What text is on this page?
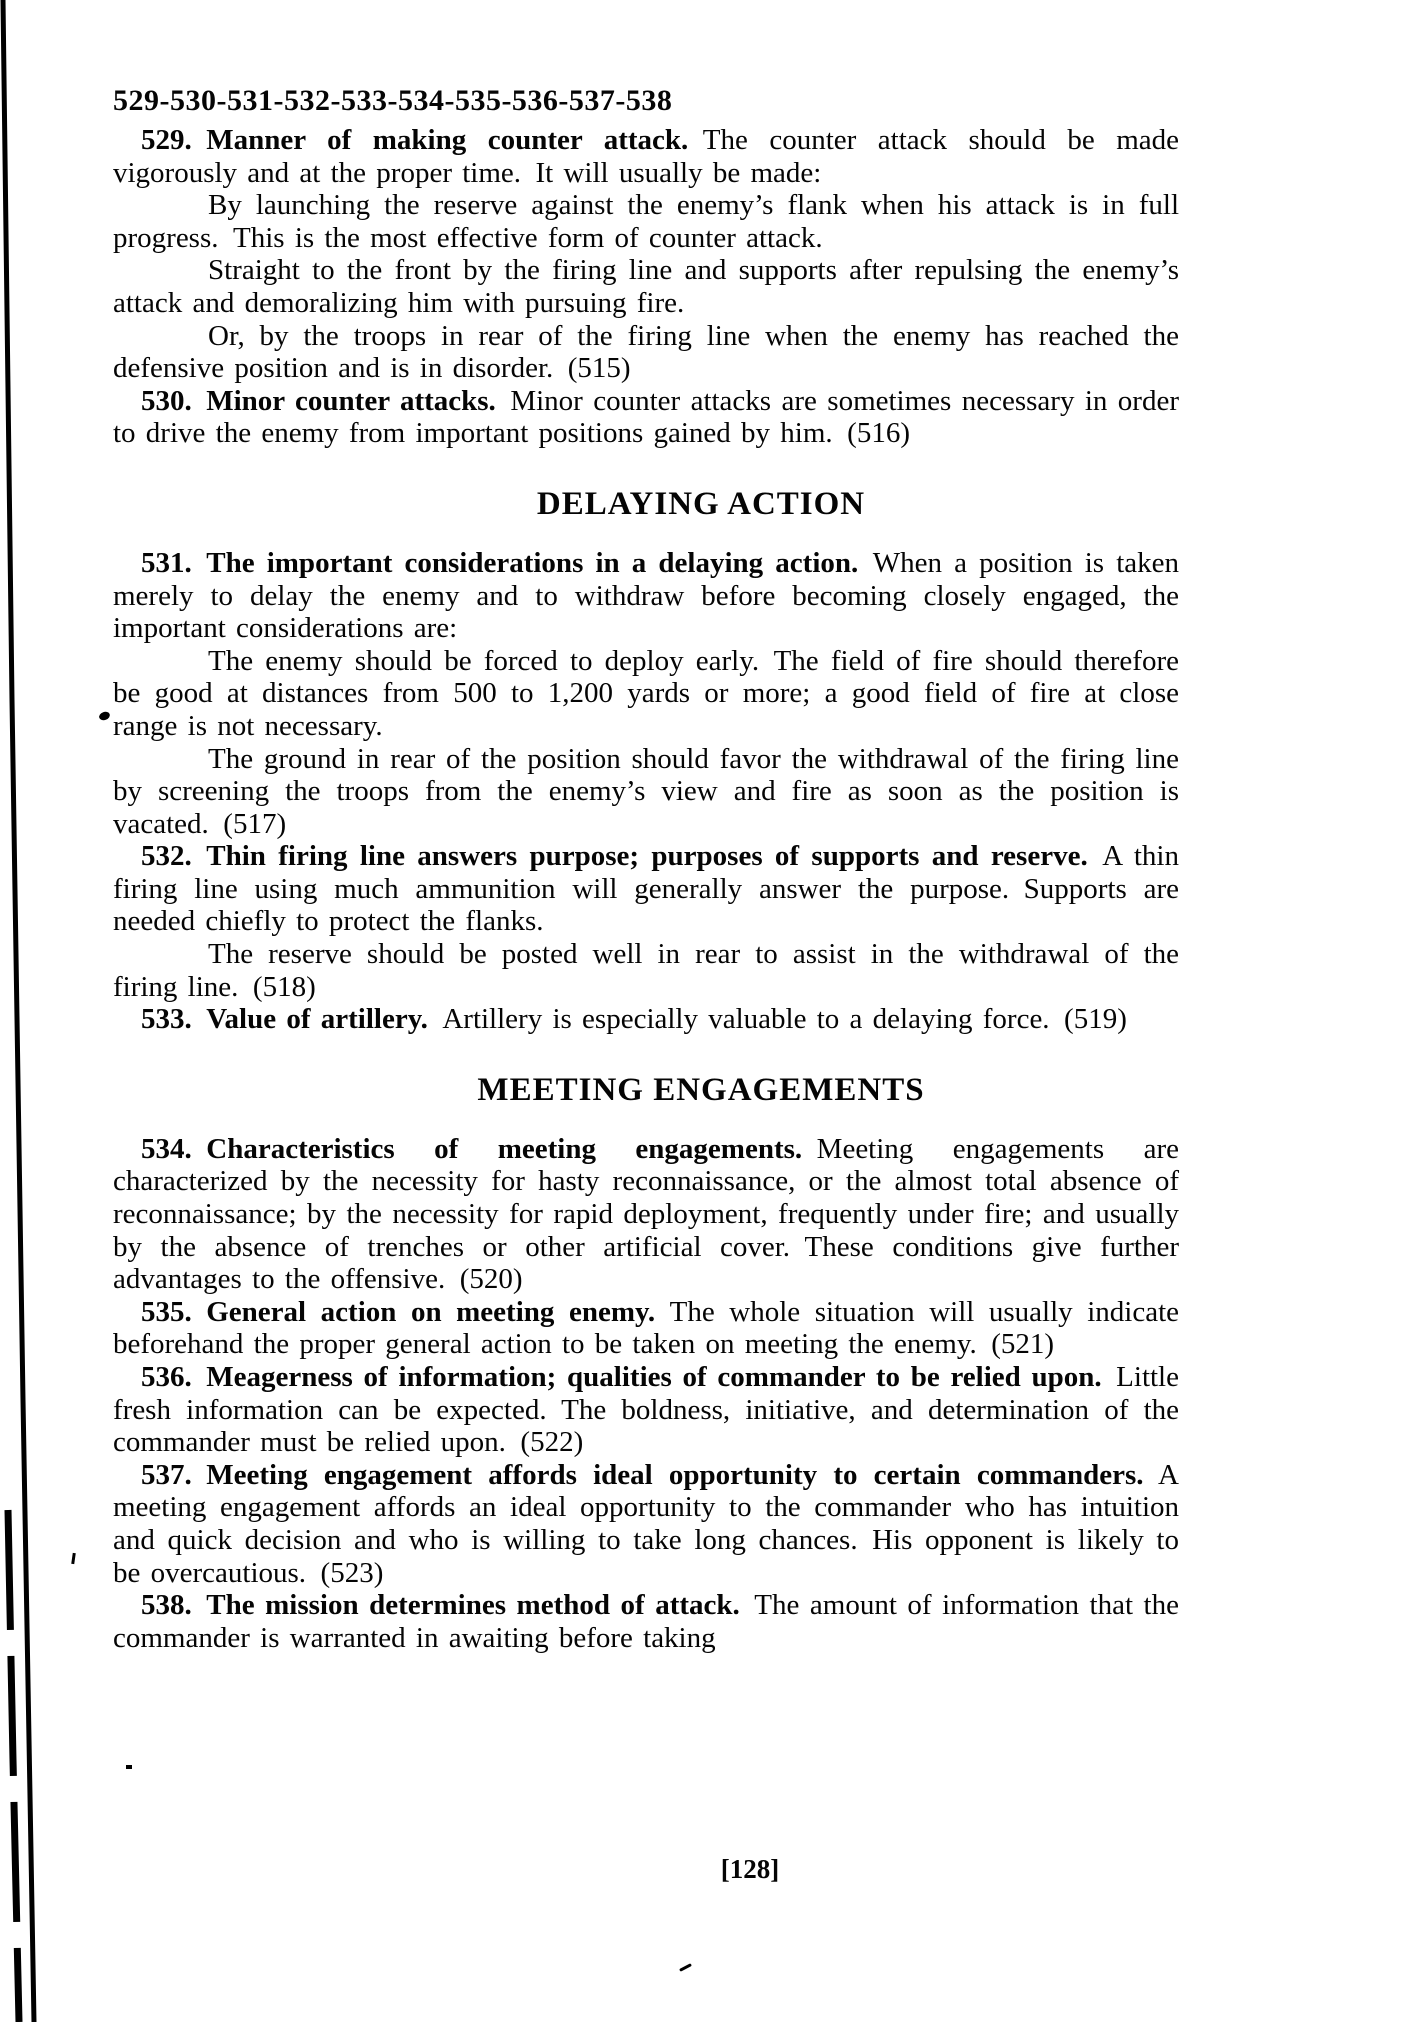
529-530-531-532-533-534-535-536-537-538

529. Manner of making counter attack. The counter attack should be made vigorously and at the proper time. It will usually be made:

By launching the reserve against the enemy’s flank when his attack is in full progress. This is the most effective form of counter attack.

Straight to the front by the firing line and supports after repulsing the enemy’s attack and demoralizing him with pursuing fire.

Or, by the troops in rear of the firing line when the enemy has reached the defensive position and is in disorder. (515)

530. Minor counter attacks. Minor counter attacks are sometimes necessary in order to drive the enemy from important positions gained by him. (516)

DELAYING ACTION

531. The important considerations in a delaying action. When a position is taken merely to delay the enemy and to withdraw before becoming closely engaged, the important considerations are:

The enemy should be forced to deploy early. The field of fire should therefore be good at distances from 500 to 1,200 yards or more; a good field of fire at close range is not necessary.

The ground in rear of the position should favor the withdrawal of the firing line by screening the troops from the enemy’s view and fire as soon as the position is vacated. (517)

532. Thin firing line answers purpose; purposes of supports and reserve. A thin firing line using much ammunition will generally answer the purpose. Supports are needed chiefly to protect the flanks.

The reserve should be posted well in rear to assist in the withdrawal of the firing line. (518)

533. Value of artillery. Artillery is especially valuable to a delaying force. (519)

MEETING ENGAGEMENTS

534. Characteristics of meeting engagements. Meeting engagements are characterized by the necessity for hasty reconnaissance, or the almost total absence of reconnaissance; by the necessity for rapid deployment, frequently under fire; and usually by the absence of trenches or other artificial cover. These conditions give further advantages to the offensive. (520)

535. General action on meeting enemy. The whole situation will usually indicate beforehand the proper general action to be taken on meeting the enemy. (521)

536. Meagerness of information; qualities of commander to be relied upon. Little fresh information can be expected. The boldness, initiative, and determination of the commander must be relied upon. (522)

537. Meeting engagement affords ideal opportunity to certain commanders. A meeting engagement affords an ideal opportunity to the commander who has intuition and quick decision and who is willing to take long chances. His opponent is likely to be overcautious. (523)

538. The mission determines method of attack. The amount of information that the commander is warranted in awaiting before taking

[128]
